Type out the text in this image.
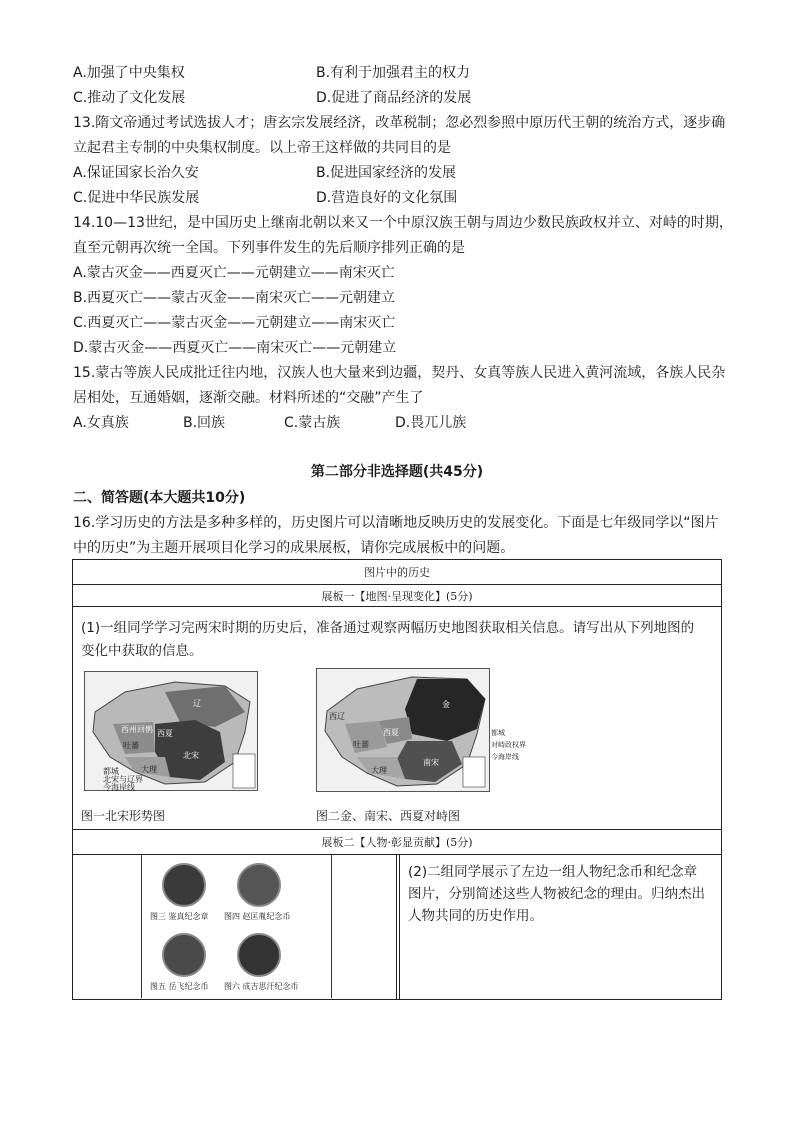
A.加强了中央集权	B.有利于加强君主的权力
C.推动了文化发展	D.促进了商品经济的发展
13.隋文帝通过考试选拔人才；唐玄宗发展经济，改革税制；忽必烈参照中原历代王朝的统治方式，逐步确
立起君主专制的中央集权制度。以上帝王这样做的共同目的是
A.保证国家长治久安	B.促进国家经济的发展
C.促进中华民族发展	D.营造良好的文化氛围
14.10—13世纪，是中国历史上继南北朝以来又一个中原汉族王朝与周边少数民族政权并立、对峙的时期，
直至元朝再次统一全国。下列事件发生的先后顺序排列正确的是
A.蒙古灭金——西夏灭亡——元朝建立——南宋灭亡
B.西夏灭亡——蒙古灭金——南宋灭亡——元朝建立
C.西夏灭亡——蒙古灭金——元朝建立——南宋灭亡
D.蒙古灭金——西夏灭亡——南宋灭亡——元朝建立
15.蒙古等族人民成批迁往内地，汉族人也大量来到边疆，契丹、女真等族人民进入黄河流域，各族人民杂
居相处，互通婚姻，逐渐交融。材料所述的“交融”产生了
A.女真族	B.回族	C.蒙古族	D.畏兀儿族
第二部分非选择题(共45分)
二、简答题(本大题共10分)
16.学习历史的方法是多种多样的，历史图片可以清晰地反映历史的发展变化。下面是七年级同学以“图片
中的历史”为主题开展项目化学习的成果展板，请你完成展板中的问题。
图片中的历史
展板一【地图·呈现变化】(5分)

(1)一组同学学习完两宋时期的历史后，准备通过观察两幅历史地图获取相关信息。请写出从下列地图的
变化中获取的信息。
西州回鹘
辽
西夏
吐蕃
大理
北宋
都城
北宋与辽界
今海岸线
图一北宋形势图
西辽
金
西夏
吐蕃
南宋
大理
都城
对峙政权界
今海岸线
图二金、南宋、西夏对峙图

展板二【人物·彰显贡献】(5分)

图三 鉴真纪念章 图四 赵匡胤纪念币
图五 岳飞纪念币 图六 成吉思汗纪念币

(2)二组同学展示了左边一组人物纪念币和纪念章
图片，分别简述这些人物被纪念的理由。归纳杰出
人物共同的历史作用。
